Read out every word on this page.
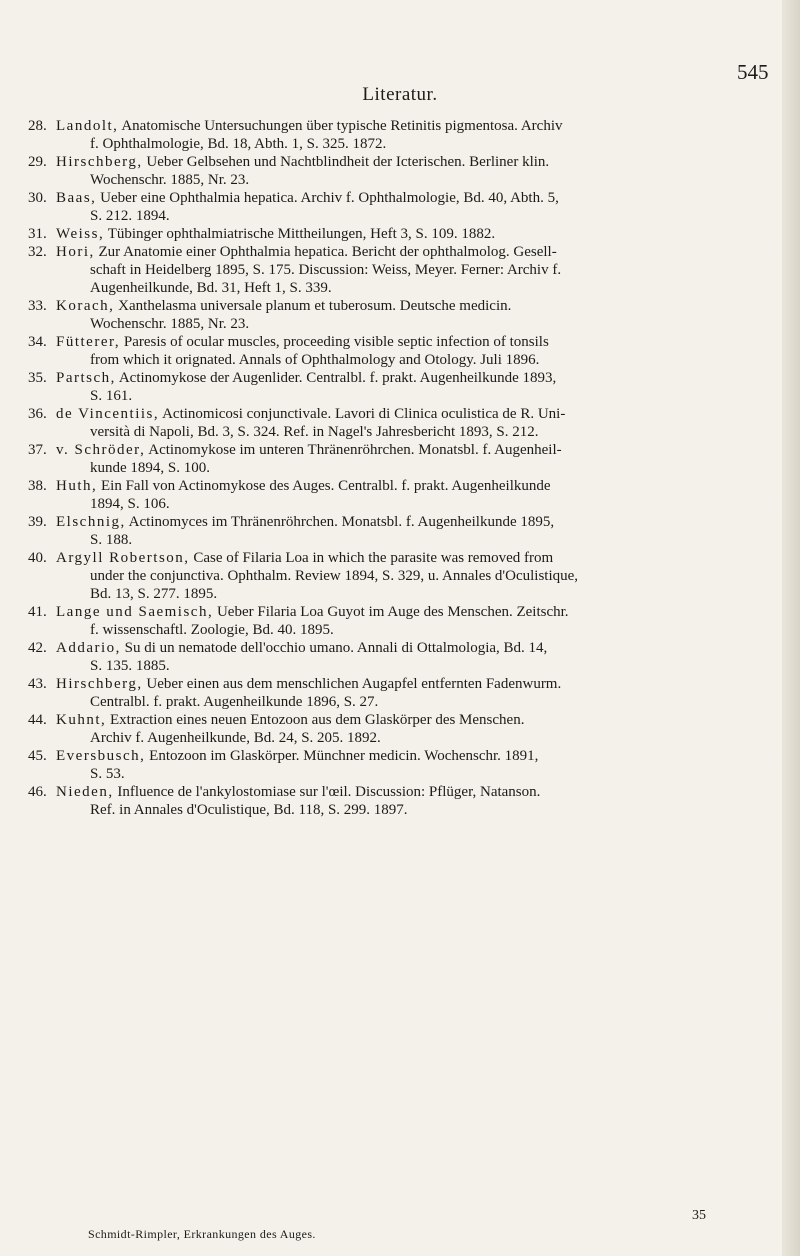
545
Literatur.
28. Landolt, Anatomische Untersuchungen über typische Retinitis pigmentosa. Archiv
f. Ophthalmologie, Bd. 18, Abth. 1, S. 325. 1872.
29. Hirschberg, Ueber Gelbsehen und Nachtblindheit der Icterischen. Berliner klin.
Wochenschr. 1885, Nr. 23.
30. Baas, Ueber eine Ophthalmia hepatica. Archiv f. Ophthalmologie, Bd. 40, Abth. 5,
S. 212. 1894.
31. Weiss, Tübinger ophthalmiatrische Mittheilungen, Heft 3, S. 109. 1882.
32. Hori, Zur Anatomie einer Ophthalmia hepatica. Bericht der ophthalmolog. Gesell-
schaft in Heidelberg 1895, S. 175. Discussion: Weiss, Meyer. Ferner: Archiv f.
Augenheilkunde, Bd. 31, Heft 1, S. 339.
33. Korach, Xanthelasma universale planum et tuberosum. Deutsche medicin.
Wochenschr. 1885, Nr. 23.
34. Fütterer, Paresis of ocular muscles, proceeding visible septic infection of tonsils
from which it orignated. Annals of Ophthalmology and Otology. Juli 1896.
35. Partsch, Actinomykose der Augenlider. Centralbl. f. prakt. Augenheilkunde 1893,
S. 161.
36. de Vincentiis, Actinomicosi conjunctivale. Lavori di Clinica oculistica de R. Uni-
versità di Napoli, Bd. 3, S. 324. Ref. in Nagel's Jahresbericht 1893, S. 212.
37. v. Schröder, Actinomykose im unteren Thränenröhrchen. Monatsbl. f. Augenheil-
kunde 1894, S. 100.
38. Huth, Ein Fall von Actinomykose des Auges. Centralbl. f. prakt. Augenheilkunde
1894, S. 106.
39. Elschnig, Actinomyces im Thränenröhrchen. Monatsbl. f. Augenheilkunde 1895,
S. 188.
40. Argyll Robertson, Case of Filaria Loa in which the parasite was removed from
under the conjunctiva. Ophthalm. Review 1894, S. 329, u. Annales d'Oculistique,
Bd. 13, S. 277. 1895.
41. Lange und Saemisch, Ueber Filaria Loa Guyot im Auge des Menschen. Zeitschr.
f. wissenschaftl. Zoologie, Bd. 40. 1895.
42. Addario, Su di un nematode dell'occhio umano. Annali di Ottalmologia, Bd. 14,
S. 135. 1885.
43. Hirschberg, Ueber einen aus dem menschlichen Augapfel entfernten Fadenwurm.
Centralbl. f. prakt. Augenheilkunde 1896, S. 27.
44. Kuhnt, Extraction eines neuen Entozoon aus dem Glaskörper des Menschen.
Archiv f. Augenheilkunde, Bd. 24, S. 205. 1892.
45. Eversbusch, Entozoon im Glaskörper. Münchner medicin. Wochenschr. 1891,
S. 53.
46. Nieden, Influence de l'ankylostomiase sur l'œil. Discussion: Pflüger, Natanson.
Ref. in Annales d'Oculistique, Bd. 118, S. 299. 1897.
35
Schmidt-Rimpler, Erkrankungen des Auges.
